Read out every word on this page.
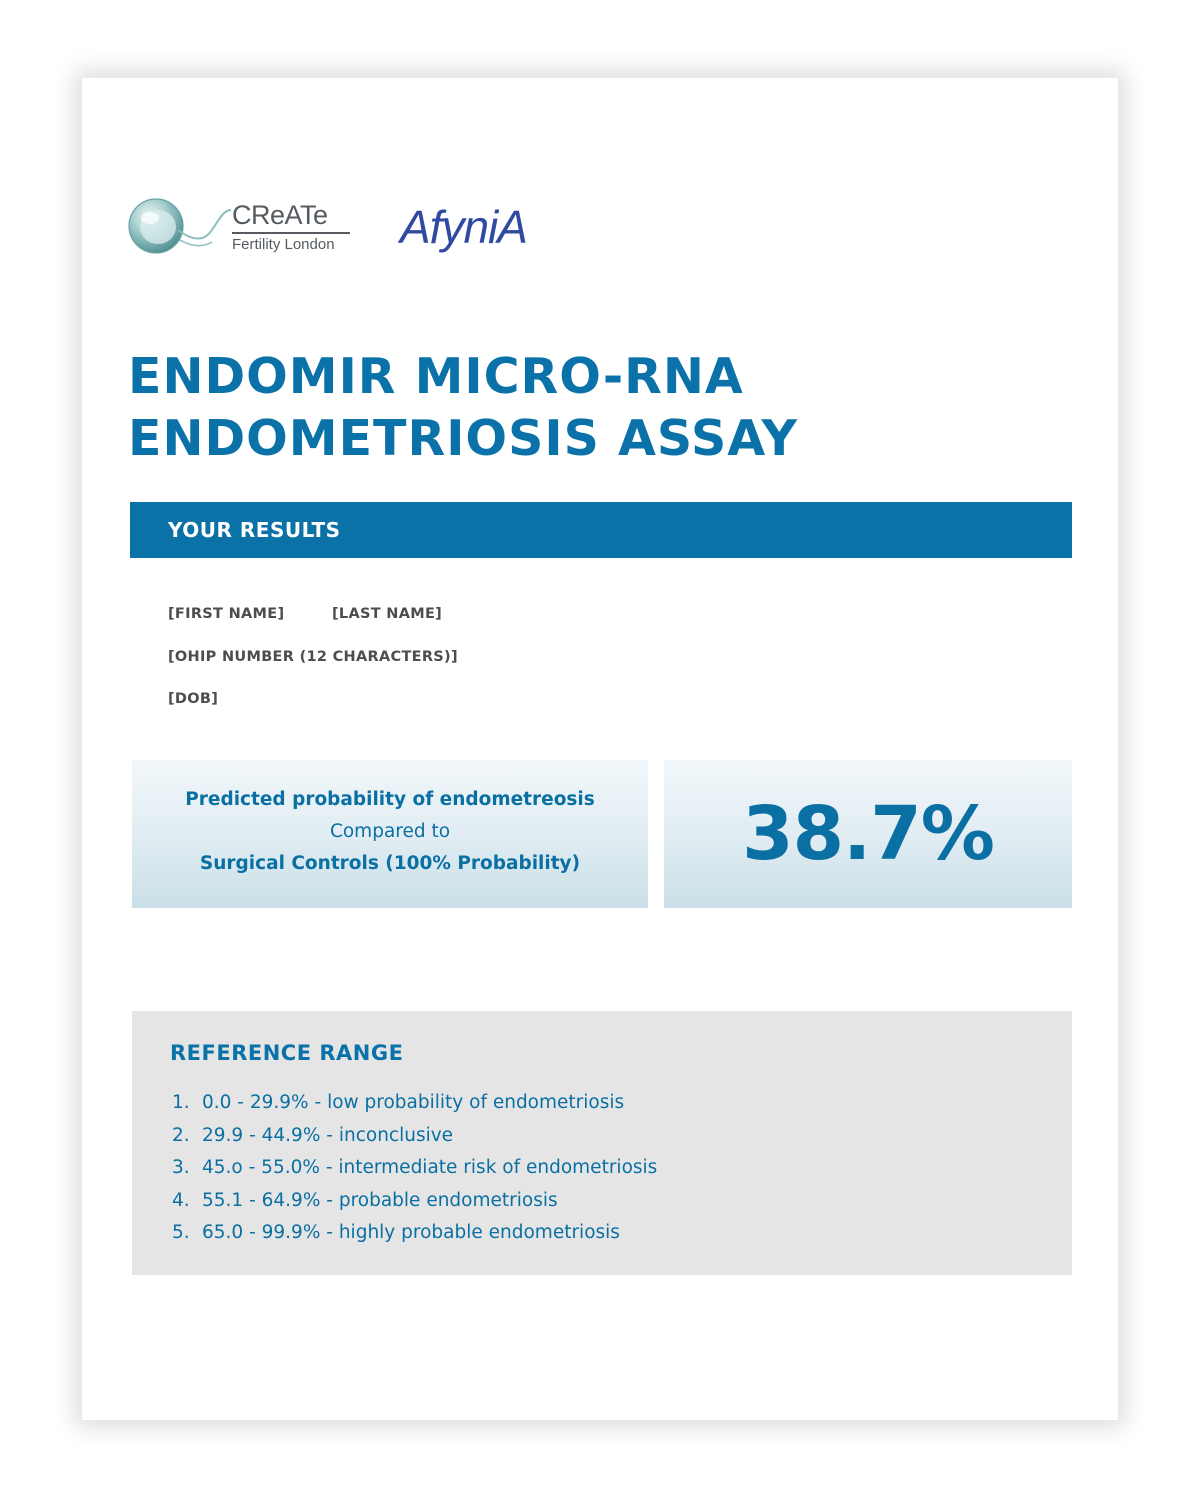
CReATe
Fertility London AfyniA
ENDOMIR MICRO-RNA
ENDOMETRIOSIS ASSAY
YOUR RESULTS
[FIRST NAME]	[LAST NAME]
[OHIP NUMBER (12 CHARACTERS)]
[DOB]
Predicted probability of endometreosis
Compared to
Surgical Controls (100% Probability)	38.7%
REFERENCE RANGE
1. 0.0 - 29.9% - low probability of endometriosis
2. 29.9 - 44.9% - inconclusive
3. 45.o - 55.0% - intermediate risk of endometriosis
4. 55.1 - 64.9% - probable endometriosis
5. 65.0 - 99.9% - highly probable endometriosis
